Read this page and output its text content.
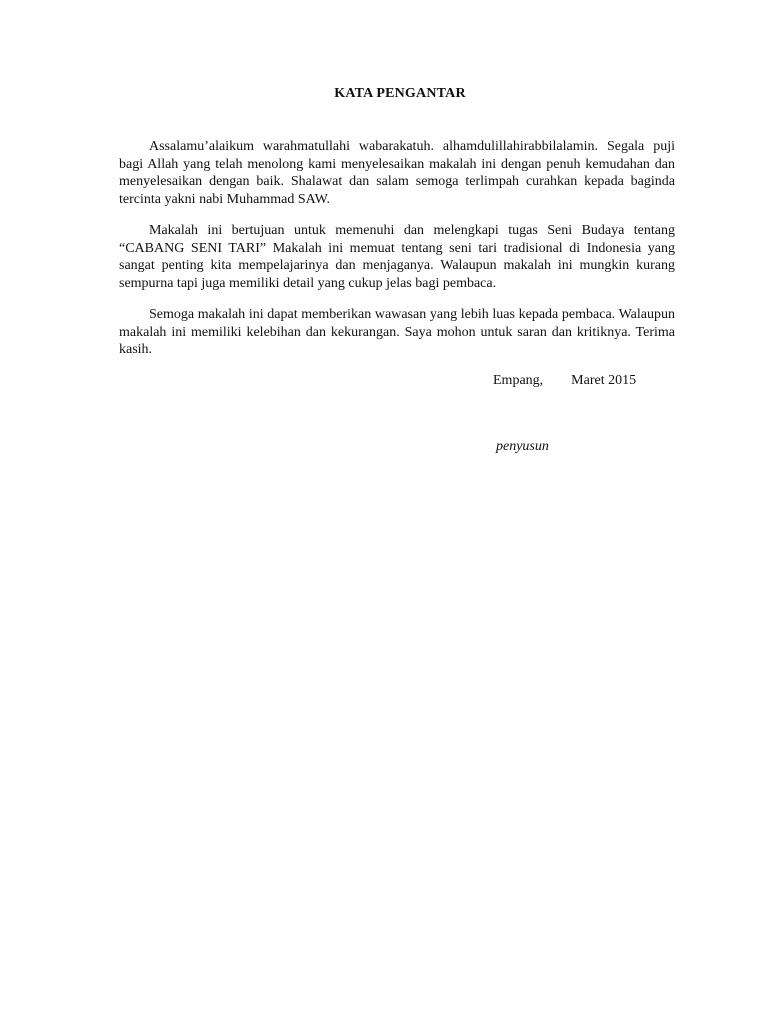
KATA PENGANTAR

Assalamu’alaikum warahmatullahi wabarakatuh. alhamdulillahirabbilalamin. Segala puji bagi Allah yang telah menolong kami menyelesaikan makalah ini dengan penuh kemudahan dan menyelesaikan dengan baik. Shalawat dan salam semoga terlimpah curahkan kepada baginda tercinta yakni nabi Muhammad SAW.

Makalah ini bertujuan untuk memenuhi dan melengkapi tugas Seni Budaya tentang “CABANG SENI TARI” Makalah ini memuat tentang seni tari tradisional di Indonesia yang sangat penting kita mempelajarinya dan menjaganya. Walaupun makalah ini mungkin kurang sempurna tapi juga memiliki detail yang cukup jelas bagi pembaca.

Semoga makalah ini dapat memberikan wawasan yang lebih luas kepada pembaca. Walaupun makalah ini memiliki kelebihan dan kekurangan. Saya mohon untuk saran dan kritiknya. Terima kasih.

Empang, Maret 2015
penyusun
